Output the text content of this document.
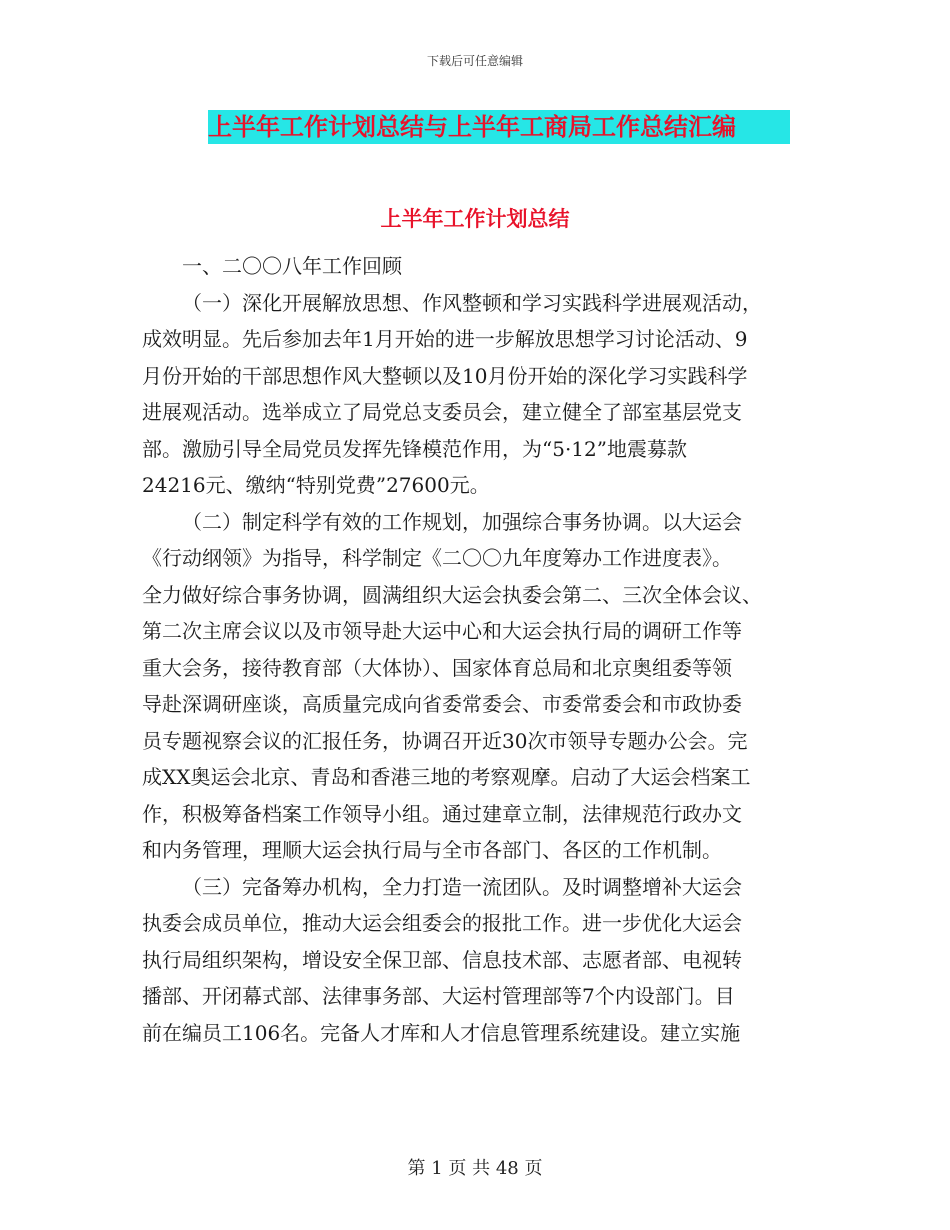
下载后可任意编辑
上半年工作计划总结与上半年工商局工作总结汇编
上半年工作计划总结
一、二〇〇八年工作回顾
（一）深化开展解放思想、作风整顿和学习实践科学进展观活动，
成效明显。先后参加去年1月开始的进一步解放思想学习讨论活动、9
月份开始的干部思想作风大整顿以及10月份开始的深化学习实践科学
进展观活动。选举成立了局党总支委员会，建立健全了部室基层党支
部。激励引导全局党员发挥先锋模范作用，为“5·12”地震募款
24216元、缴纳“特别党费”27600元。
（二）制定科学有效的工作规划，加强综合事务协调。以大运会
《行动纲领》为指导，科学制定《二〇〇九年度筹办工作进度表》。
全力做好综合事务协调，圆满组织大运会执委会第二、三次全体会议、
第二次主席会议以及市领导赴大运中心和大运会执行局的调研工作等
重大会务，接待教育部（大体协）、国家体育总局和北京奥组委等领
导赴深调研座谈，高质量完成向省委常委会、市委常委会和市政协委
员专题视察会议的汇报任务，协调召开近30次市领导专题办公会。完
成XX奥运会北京、青岛和香港三地的考察观摩。启动了大运会档案工
作，积极筹备档案工作领导小组。通过建章立制，法律规范行政办文
和内务管理，理顺大运会执行局与全市各部门、各区的工作机制。
（三）完备筹办机构，全力打造一流团队。及时调整增补大运会
执委会成员单位，推动大运会组委会的报批工作。进一步优化大运会
执行局组织架构，增设安全保卫部、信息技术部、志愿者部、电视转
播部、开闭幕式部、法律事务部、大运村管理部等7个内设部门。目
前在编员工106名。完备人才库和人才信息管理系统建设。建立实施
第 1 页 共 48 页
